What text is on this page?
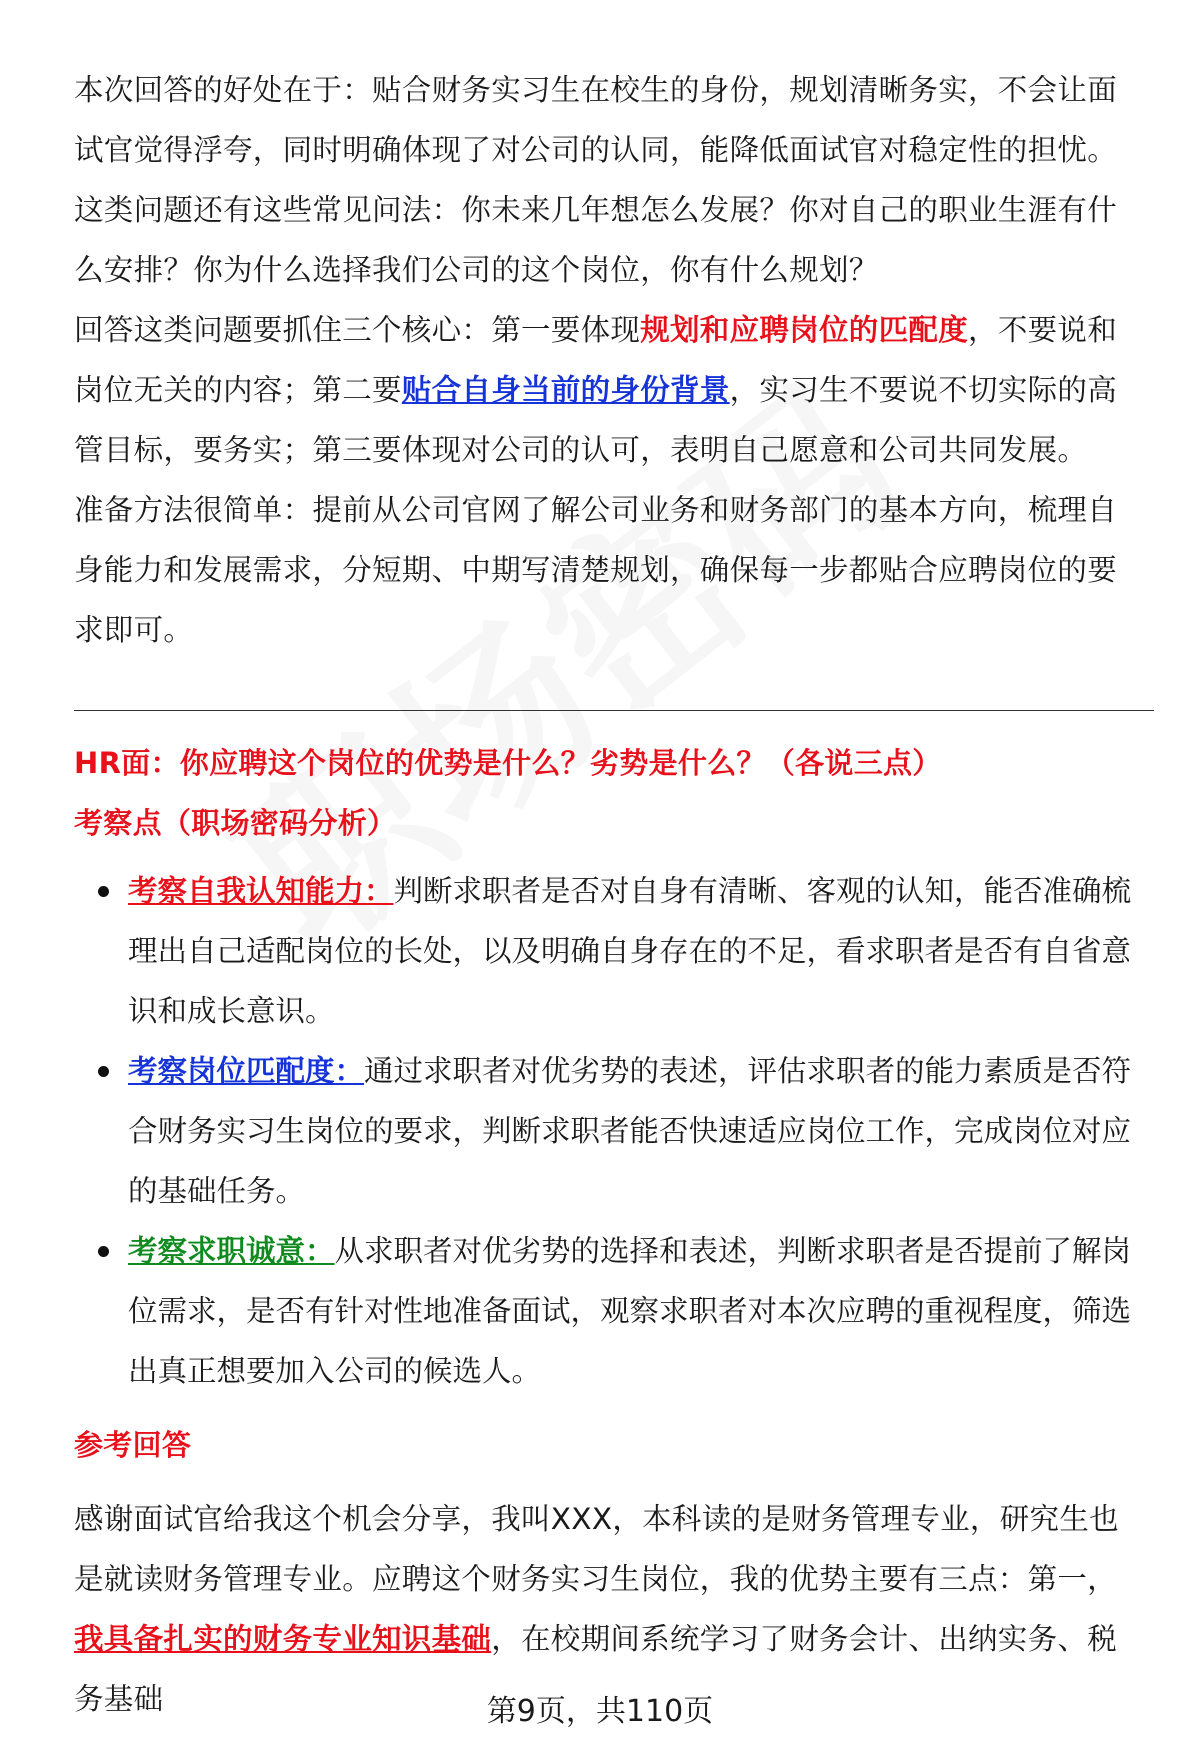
本次回答的好处在于：贴合财务实习生在校生的身份，规划清晰务实，不会让面试官觉得浮夸，同时明确体现了对公司的认同，能降低面试官对稳定性的担忧。这类问题还有这些常见问法：你未来几年想怎么发展？你对自己的职业生涯有什么安排？你为什么选择我们公司的这个岗位，你有什么规划？

回答这类问题要抓住三个核心：第一要体现规划和应聘岗位的匹配度，不要说和岗位无关的内容；第二要贴合自身当前的身份背景，实习生不要说不切实际的高管目标，要务实；第三要体现对公司的认可，表明自己愿意和公司共同发展。

准备方法很简单：提前从公司官网了解公司业务和财务部门的基本方向，梳理自身能力和发展需求，分短期、中期写清楚规划，确保每一步都贴合应聘岗位的要求即可。

HR面：你应聘这个岗位的优势是什么？劣势是什么？（各说三点）

考察点（职场密码分析）

考察自我认知能力：判断求职者是否对自身有清晰、客观的认知，能否准确梳理出自己适配岗位的长处，以及明确自身存在的不足，看求职者是否有自省意识和成长意识。
考察岗位匹配度：通过求职者对优劣势的表述，评估求职者的能力素质是否符合财务实习生岗位的要求，判断求职者能否快速适应岗位工作，完成岗位对应的基础任务。
考察求职诚意：从求职者对优劣势的选择和表述，判断求职者是否提前了解岗位需求，是否有针对性地准备面试，观察求职者对本次应聘的重视程度，筛选出真正想要加入公司的候选人。

参考回答

感谢面试官给我这个机会分享，我叫XXX，本科读的是财务管理专业，研究生也是就读财务管理专业。应聘这个财务实习生岗位，我的优势主要有三点：第一，我具备扎实的财务专业知识基础，在校期间系统学习了财务会计、出纳实务、税务基础	第9页，共110页
